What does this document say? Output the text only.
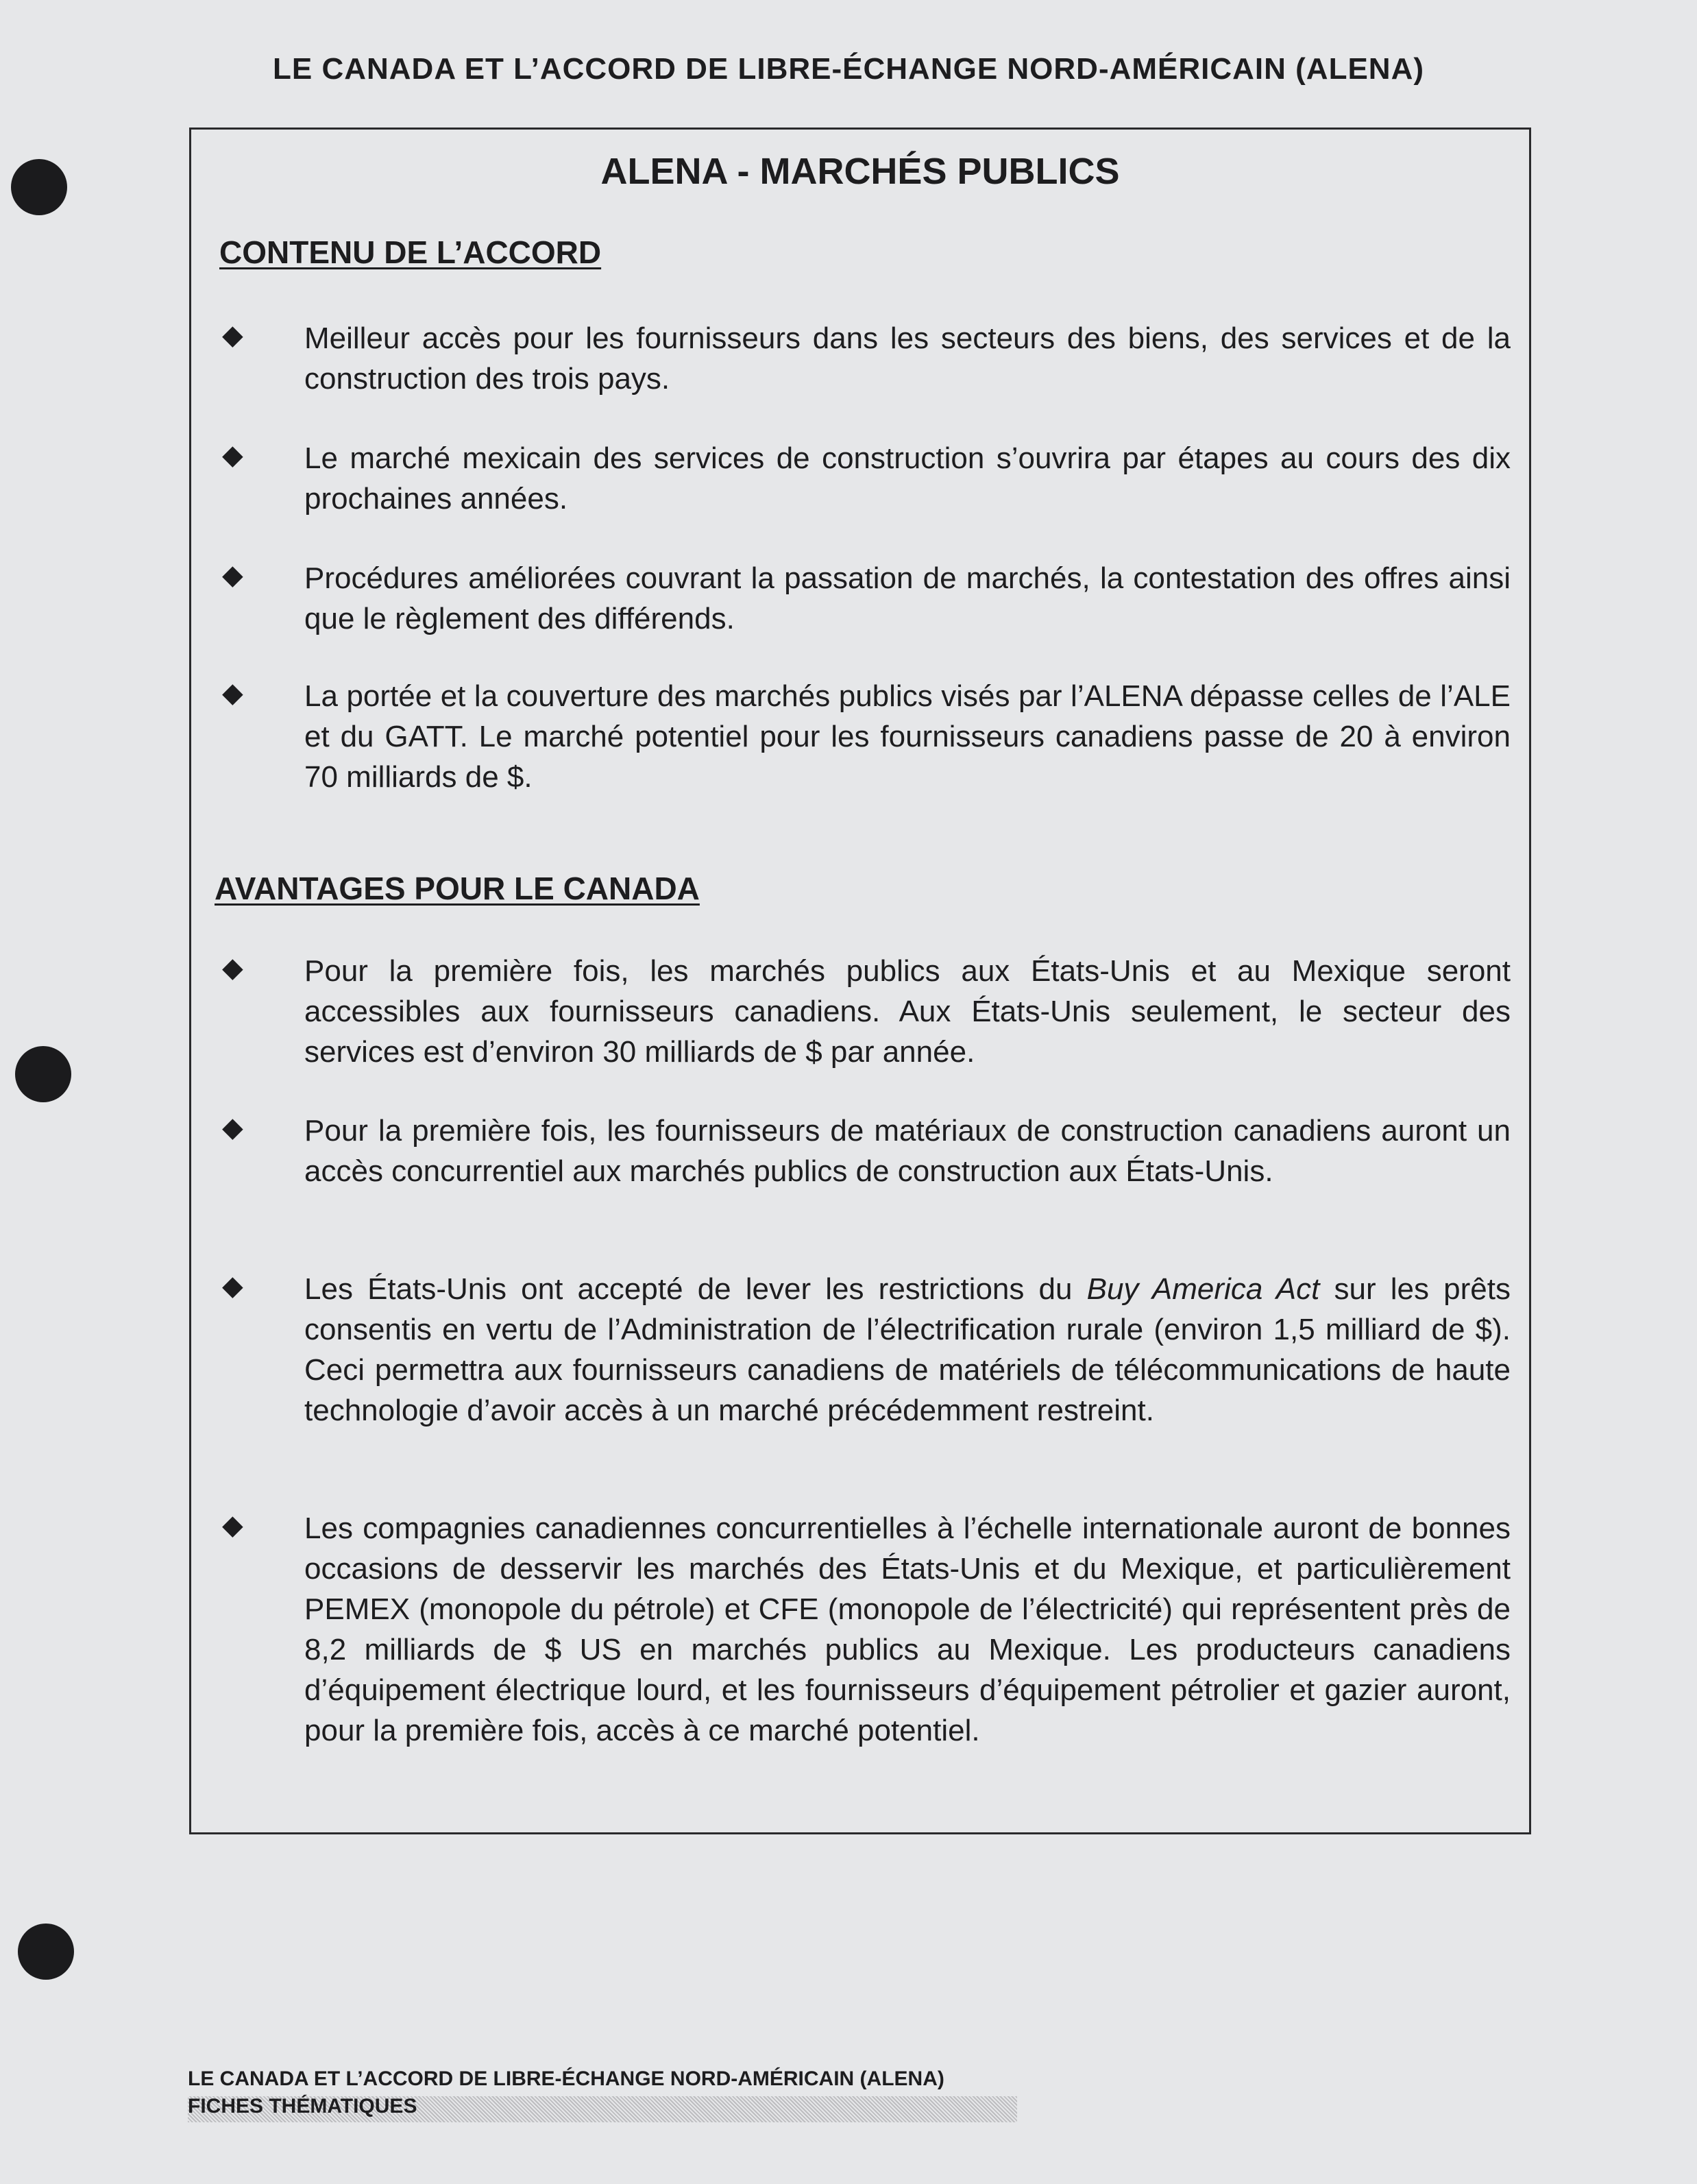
LE CANADA ET L’ACCORD DE LIBRE-ÉCHANGE NORD-AMÉRICAIN (ALENA)
ALENA - MARCHÉS PUBLICS
CONTENU DE L’ACCORD
◆ Meilleur accès pour les fournisseurs dans les secteurs des biens, des services et de la construction des trois pays.
◆ Le marché mexicain des services de construction s’ouvrira par étapes au cours des dix prochaines années.
◆ Procédures améliorées couvrant la passation de marchés, la contestation des offres ainsi que le règlement des différends.
◆ La portée et la couverture des marchés publics visés par l’ALENA dépasse celles de l’ALE et du GATT. Le marché potentiel pour les fournisseurs canadiens passe de 20 à environ 70 milliards de $.
AVANTAGES POUR LE CANADA
◆ Pour la première fois, les marchés publics aux États-Unis et au Mexique seront accessibles aux fournisseurs canadiens. Aux États-Unis seulement, le secteur des services est d’environ 30 milliards de $ par année.
◆ Pour la première fois, les fournisseurs de matériaux de construction canadiens auront un accès concurrentiel aux marchés publics de construction aux États-Unis.
◆ Les États-Unis ont accepté de lever les restrictions du Buy America Act sur les prêts consentis en vertu de l’Administration de l’électrification rurale (environ 1,5 milliard de $). Ceci permettra aux fournisseurs canadiens de matériels de télécommunications de haute technologie d’avoir accès à un marché précédemment restreint.
◆ Les compagnies canadiennes concurrentielles à l’échelle internationale auront de bonnes occasions de desservir les marchés des États-Unis et du Mexique, et particulièrement PEMEX (monopole du pétrole) et CFE (monopole de l’électricité) qui représentent près de 8,2 milliards de $ US en marchés publics au Mexique. Les producteurs canadiens d’équipement électrique lourd, et les fournisseurs d’équipement pétrolier et gazier auront, pour la première fois, accès à ce marché potentiel.
LE CANADA ET L’ACCORD DE LIBRE-ÉCHANGE NORD-AMÉRICAIN (ALENA)
FICHES THÉMATIQUES
